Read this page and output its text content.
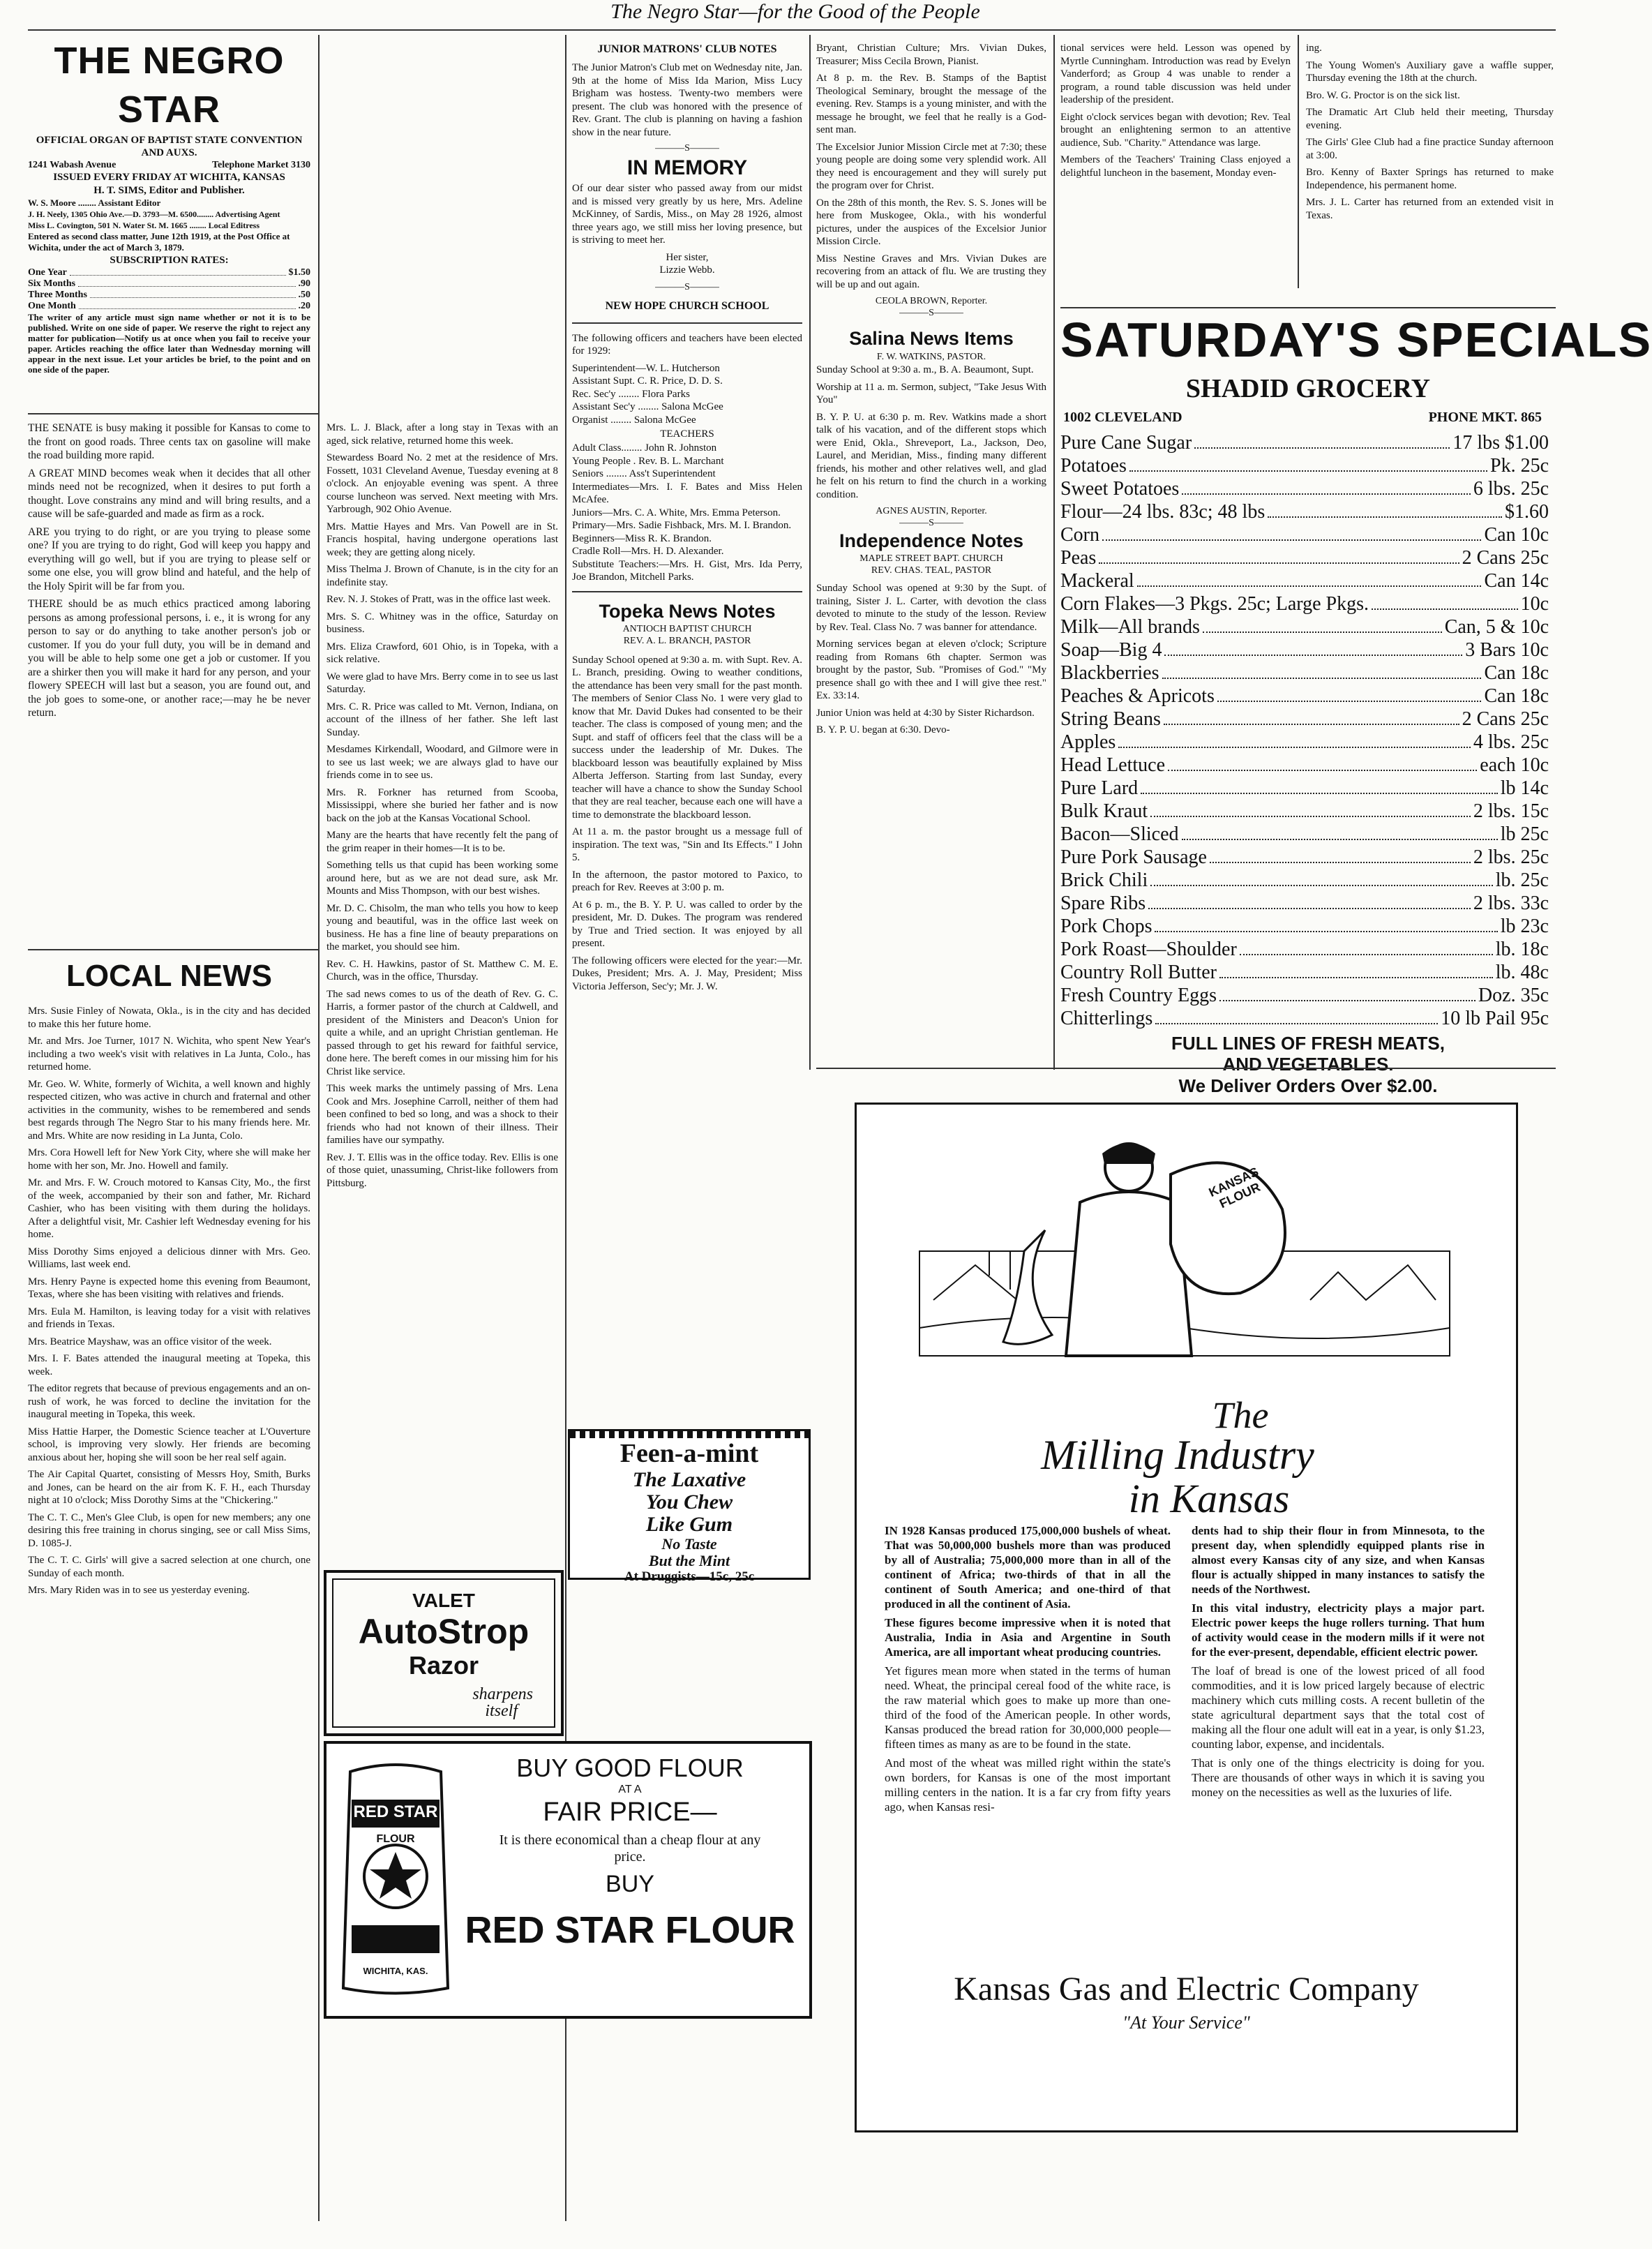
The Negro Star—for the Good of the People
THE NEGRO STAR
OFFICIAL ORGAN OF BAPTIST STATE CONVENTION AND AUXS.
1241 Wabash Avenue	Telephone Market 3130
ISSUED EVERY FRIDAY AT WICHITA, KANSAS
H. T. SIMS, Editor and Publisher.
W. S. Moore ........ Assistant Editor
J. H. Neely, 1305 Ohio Ave.—D. 3793—M. 6500........ Advertising Agent
Miss L. Covington, 501 N. Water St. M. 1665 ........ Local Editress
Entered as second class matter, June 12th 1919, at the Post Office at Wichita, under the act of March 3, 1879.
SUBSCRIPTION RATES:
One Year	$1.50
Six Months	.90
Three Months	.50
One Month	.20
The writer of any article must sign name whether or not it is to be published. Write on one side of paper. We reserve the right to reject any matter for publication—Notify us at once when you fail to receive your paper. Articles reaching the office later than Wednesday morning will appear in the next issue. Let your articles be brief, to the point and on one side of the paper.

THE SENATE is busy making it possible for Kansas to come to the front on good roads. Three cents tax on gasoline will make the road building more rapid.

A GREAT MIND becomes weak when it decides that all other minds need not be recognized, when it desires to put forth a thought. Love constrains any mind and will bring results, and a cause will be safe-guarded and made as firm as a rock.

ARE you trying to do right, or are you trying to please some one? If you are trying to do right, God will keep you happy and everything will go well, but if you are trying to please self or some one else, you will grow blind and hateful, and the help of the Holy Spirit will be far from you.

THERE should be as much ethics practiced among laboring persons as among professional persons, i. e., it is wrong for any person to say or do anything to take another person's job or customer. If you do your full duty, you will be in demand and you will be able to help some one get a job or customer. If you are a shirker then you will make it hard for any person, and your flowery SPEECH will last but a season, you are found out, and the job goes to some-one, or another race;—may he be never return.

LOCAL NEWS

Mrs. Susie Finley of Nowata, Okla., is in the city and has decided to make this her future home.

Mr. and Mrs. Joe Turner, 1017 N. Wichita, who spent New Year's including a two week's visit with relatives in La Junta, Colo., has returned home.

Mr. Geo. W. White, formerly of Wichita, a well known and highly respected citizen, who was active in church and fraternal and other activities in the community, wishes to be remembered and sends best regards through The Negro Star to his many friends here. Mr. and Mrs. White are now residing in La Junta, Colo.

Mrs. Cora Howell left for New York City, where she will make her home with her son, Mr. Jno. Howell and family.

Mr. and Mrs. F. W. Crouch motored to Kansas City, Mo., the first of the week, accompanied by their son and father, Mr. Richard Cashier, who has been visiting with them during the holidays. After a delightful visit, Mr. Cashier left Wednesday evening for his home.

Miss Dorothy Sims enjoyed a delicious dinner with Mrs. Geo. Williams, last week end.

Mrs. Henry Payne is expected home this evening from Beaumont, Texas, where she has been visiting with relatives and friends.

Mrs. Eula M. Hamilton, is leaving today for a visit with relatives and friends in Texas.

Mrs. Beatrice Mayshaw, was an office visitor of the week.

Mrs. I. F. Bates attended the inaugural meeting at Topeka, this week.

The editor regrets that because of previous engagements and an on-rush of work, he was forced to decline the invitation for the inaugural meeting in Topeka, this week.

Miss Hattie Harper, the Domestic Science teacher at L'Ouverture school, is improving very slowly. Her friends are becoming anxious about her, hoping she will soon be her real self again.

The Air Capital Quartet, consisting of Messrs Hoy, Smith, Burks and Jones, can be heard on the air from K. F. H., each Thursday night at 10 o'clock; Miss Dorothy Sims at the "Chickering."

The C. T. C., Men's Glee Club, is open for new members; any one desiring this free training in chorus singing, see or call Miss Sims, D. 1085-J.

The C. T. C. Girls' will give a sacred selection at one church, one Sunday of each month.

Mrs. Mary Riden was in to see us yesterday evening.

Mrs. L. J. Black, after a long stay in Texas with an aged, sick relative, returned home this week.

Stewardess Board No. 2 met at the residence of Mrs. Fossett, 1031 Cleveland Avenue, Tuesday evening at 8 o'clock. An enjoyable evening was spent. A three course luncheon was served. Next meeting with Mrs. Yarbrough, 902 Ohio Avenue.

Mrs. Mattie Hayes and Mrs. Van Powell are in St. Francis hospital, having undergone operations last week; they are getting along nicely.

Miss Thelma J. Brown of Chanute, is in the city for an indefinite stay.

Rev. N. J. Stokes of Pratt, was in the office last week.

Mrs. S. C. Whitney was in the office, Saturday on business.

Mrs. Eliza Crawford, 601 Ohio, is in Topeka, with a sick relative.

We were glad to have Mrs. Berry come in to see us last Saturday.

Mrs. C. R. Price was called to Mt. Vernon, Indiana, on account of the illness of her father. She left last Sunday.

Mesdames Kirkendall, Woodard, and Gilmore were in to see us last week; we are always glad to have our friends come in to see us.

Mrs. R. Forkner has returned from Scooba, Mississippi, where she buried her father and is now back on the job at the Kansas Vocational School.

Many are the hearts that have recently felt the pang of the grim reaper in their homes—It is to be.

Something tells us that cupid has been working some around here, but as we are not dead sure, ask Mr. Mounts and Miss Thompson, with our best wishes.

Mr. D. C. Chisolm, the man who tells you how to keep young and beautiful, was in the office last week on business. He has a fine line of beauty preparations on the market, you should see him.

Rev. C. H. Hawkins, pastor of St. Matthew C. M. E. Church, was in the office, Thursday.

The sad news comes to us of the death of Rev. G. C. Harris, a former pastor of the church at Caldwell, and president of the Ministers and Deacon's Union for quite a while, and an upright Christian gentleman. He passed through to get his reward for faithful service, done here. The bereft comes in our missing him for his Christ like service.

This week marks the untimely passing of Mrs. Lena Cook and Mrs. Josephine Carroll, neither of them had been confined to bed so long, and was a shock to their friends who had not known of their illness. Their families have our sympathy.

Rev. J. T. Ellis was in the office today. Rev. Ellis is one of those quiet, unassuming, Christ-like followers from Pittsburg.

VALET
AutoStrop
Razor
sharpens
itself
JUNIOR MATRONS' CLUB NOTES

The Junior Matron's Club met on Wednesday nite, Jan. 9th at the home of Miss Ida Marion, Miss Lucy Brigham was hostess. Twenty-two members were present. The club was honored with the presence of Rev. Grant. The club is planning on having a fashion show in the near future.

———S———
IN MEMORY

Of our dear sister who passed away from our midst and is missed very greatly by us here, Mrs. Adeline McKinney, of Sardis, Miss., on May 28 1926, almost three years ago, we still miss her loving presence, but is striving to meet her.

Her sister,
Lizzie Webb.
———S———
NEW HOPE CHURCH SCHOOL

The following officers and teachers have been elected for 1929:

Superintendent—W. L. Hutcherson
Assistant Supt. C. R. Price, D. D. S.
Rec. Sec'y ........ Flora Parks
Assistant Sec'y ........ Salona McGee
Organist ........ Salona McGee
TEACHERS
Adult Class........ John R. Johnston
Young People . Rev. B. L. Marchant
Seniors ........ Ass't Superintendent
Intermediates—Mrs. I. F. Bates and Miss Helen McAfee.
Juniors—Mrs. C. A. White, Mrs. Emma Peterson.
Primary—Mrs. Sadie Fishback, Mrs. M. I. Brandon.
Beginners—Miss R. K. Brandon.
Cradle Roll—Mrs. H. D. Alexander.
Substitute Teachers:—Mrs. H. Gist, Mrs. Ida Perry, Joe Brandon, Mitchell Parks.
Topeka News Notes
ANTIOCH BAPTIST CHURCH
REV. A. L. BRANCH, PASTOR

Sunday School opened at 9:30 a. m. with Supt. Rev. A. L. Branch, presiding. Owing to weather conditions, the attendance has been very small for the past month. The members of Senior Class No. 1 were very glad to know that Mr. David Dukes had consented to be their teacher. The class is composed of young men; and the Supt. and staff of officers feel that the class will be a success under the leadership of Mr. Dukes. The blackboard lesson was beautifully explained by Miss Alberta Jefferson. Starting from last Sunday, every teacher will have a chance to show the Sunday School that they are real teacher, because each one will have a time to demonstrate the blackboard lesson.

At 11 a. m. the pastor brought us a message full of inspiration. The text was, "Sin and Its Effects." I John 5.

In the afternoon, the pastor motored to Paxico, to preach for Rev. Reeves at 3:00 p. m.

At 6 p. m., the B. Y. P. U. was called to order by the president, Mr. D. Dukes. The program was rendered by True and Tried section. It was enjoyed by all present.

The following officers were elected for the year:—Mr. Dukes, President; Mrs. A. J. May, President; Miss Victoria Jefferson, Sec'y; Mr. J. W.

Feen-a-mint
The Laxative
You Chew
Like Gum
No Taste
But the Mint
At Druggists—15c, 25c

Bryant, Christian Culture; Mrs. Vivian Dukes, Treasurer; Miss Cecila Brown, Pianist.

At 8 p. m. the Rev. B. Stamps of the Baptist Theological Seminary, brought the message of the evening. Rev. Stamps is a young minister, and with the message he brought, we feel that he really is a God-sent man.

The Excelsior Junior Mission Circle met at 7:30; these young people are doing some very splendid work. All they need is encouragement and they will surely put the program over for Christ.

On the 28th of this month, the Rev. S. S. Jones will be here from Muskogee, Okla., with his wonderful pictures, under the auspices of the Excelsior Junior Mission Circle.

Miss Nestine Graves and Mrs. Vivian Dukes are recovering from an attack of flu. We are trusting they will be up and out again.

CEOLA BROWN, Reporter.
———S———
Salina News Items
F. W. WATKINS, PASTOR.

Sunday School at 9:30 a. m., B. A. Beaumont, Supt.

Worship at 11 a. m. Sermon, subject, "Take Jesus With You"

B. Y. P. U. at 6:30 p. m. Rev. Watkins made a short talk of his vacation, and of the different stops which were Enid, Okla., Shreveport, La., Jackson, Deo, Laurel, and Meridian, Miss., finding many different friends, his mother and other relatives well, and glad he felt on his return to find the church in a working condition.

AGNES AUSTIN, Reporter.
———S———
Independence Notes
MAPLE STREET BAPT. CHURCH
REV. CHAS. TEAL, PASTOR

Sunday School was opened at 9:30 by the Supt. of training, Sister J. L. Carter, with devotion the class devoted to minute to the study of the lesson. Review by Rev. Teal. Class No. 7 was banner for attendance.

Morning services began at eleven o'clock; Scripture reading from Romans 6th chapter. Sermon was brought by the pastor, Sub. "Promises of God." "My presence shall go with thee and I will give thee rest." Ex. 33:14.

Junior Union was held at 4:30 by Sister Richardson.

B. Y. P. U. began at 6:30. Devo-

tional services were held. Lesson was opened by Myrtle Cunningham. Introduction was read by Evelyn Vanderford; as Group 4 was unable to render a program, a round table discussion was held under leadership of the president.

Eight o'clock services began with devotion; Rev. Teal brought an enlightening sermon to an attentive audience, Sub. "Charity." Attendance was large.

Members of the Teachers' Training Class enjoyed a delightful luncheon in the basement, Monday even-

ing.

The Young Women's Auxiliary gave a waffle supper, Thursday evening the 18th at the church.

Bro. W. G. Proctor is on the sick list.

The Dramatic Art Club held their meeting, Thursday evening.

The Girls' Glee Club had a fine practice Sunday afternoon at 3:00.

Bro. Kenny of Baxter Springs has returned to make Independence, his permanent home.

Mrs. J. L. Carter has returned from an extended visit in Texas.

SATURDAY'S SPECIALS
SHADID GROCERY
1002 CLEVELAND	PHONE MKT. 865
Pure Cane Sugar	17 lbs $1.00
Potatoes	Pk. 25c
Sweet Potatoes	6 lbs. 25c
Flour—24 lbs. 83c; 48 lbs	$1.60
Corn	Can 10c
Peas	2 Cans 25c
Mackeral	Can 14c
Corn Flakes—3 Pkgs. 25c; Large Pkgs.	10c
Milk—All brands	Can, 5 & 10c
Soap—Big 4	3 Bars 10c
Blackberries	Can 18c
Peaches & Apricots	Can 18c
String Beans	2 Cans 25c
Apples	4 lbs. 25c
Head Lettuce	each 10c
Pure Lard	lb 14c
Bulk Kraut	2 lbs. 15c
Bacon—Sliced	lb 25c
Pure Pork Sausage	2 lbs. 25c
Brick Chili	lb. 25c
Spare Ribs	2 lbs. 33c
Pork Chops	lb 23c
Pork Roast—Shoulder	lb. 18c
Country Roll Butter	lb. 48c
Fresh Country Eggs	Doz. 35c
Chitterlings	10 lb Pail 95c
FULL LINES OF FRESH MEATS,
AND VEGETABLES.
We Deliver Orders Over $2.00.
RED STAR
FLOUR
WICHITA, KAS.
BUY GOOD FLOUR
AT A
FAIR PRICE—
It is there economical than a cheap flour at any price.
BUY
RED STAR FLOUR
KANSAS FLOUR
The
Milling Industry
in Kansas

IN 1928 Kansas produced 175,000,000 bushels of wheat. That was 50,000,000 bushels more than was produced by all of Australia; 75,000,000 more than in all of the continent of Africa; two-thirds of that in all the continent of South America; and one-third of that produced in all the continent of Asia.

These figures become impressive when it is noted that Australia, India in Asia and Argentine in South America, are all important wheat producing countries.

Yet figures mean more when stated in the terms of human need. Wheat, the principal cereal food of the white race, is the raw material which goes to make up more than one-third of the food of the American people. In other words, Kansas produced the bread ration for 30,000,000 people—fifteen times as many as are to be found in the state.

And most of the wheat was milled right within the state's own borders, for Kansas is one of the most important milling centers in the nation. It is a far cry from fifty years ago, when Kansas resi-

dents had to ship their flour in from Minnesota, to the present day, when splendidly equipped plants rise in almost every Kansas city of any size, and when Kansas flour is actually shipped in many instances to satisfy the needs of the Northwest.

In this vital industry, electricity plays a major part. Electric power keeps the huge rollers turning. That hum of activity would cease in the modern mills if it were not for the ever-present, dependable, efficient electric power.

The loaf of bread is one of the lowest priced of all food commodities, and it is low priced largely because of electric machinery which cuts milling costs. A recent bulletin of the state agricultural department says that the total cost of making all the flour one adult will eat in a year, is only $1.23, counting labor, expense, and incidentals.

That is only one of the things electricity is doing for you. There are thousands of other ways in which it is saving you money on the necessities as well as the luxuries of life.

Kansas Gas and Electric Company
"At Your Service"
